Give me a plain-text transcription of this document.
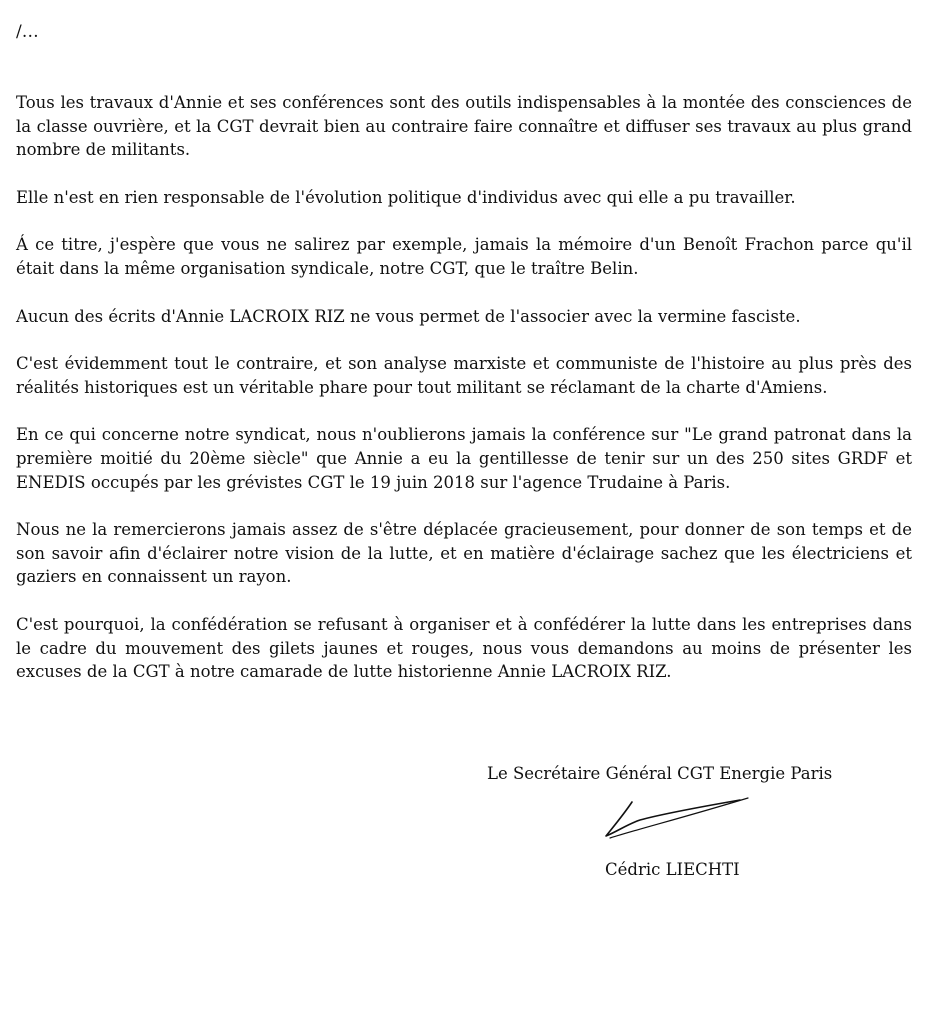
/…

Tous les travaux d'Annie et ses conférences sont des outils indispensables à la montée des consciences de la classe ouvrière, et la CGT devrait bien au contraire faire connaître et diffuser ses travaux au plus grand nombre de militants.

Elle n'est en rien responsable de l'évolution politique d'individus avec qui elle a pu travailler.

Á ce titre, j'espère que vous ne salirez par exemple, jamais la mémoire d'un Benoît Frachon parce qu'il était dans la même organisation syndicale, notre CGT, que le traître Belin.

Aucun des écrits d'Annie LACROIX RIZ ne vous permet de l'associer avec la vermine fasciste.

C'est évidemment tout le contraire, et son analyse marxiste et communiste de l'histoire au plus près des réalités historiques est un véritable phare pour tout militant se réclamant de la charte d'Amiens.

En ce qui concerne notre syndicat, nous n'oublierons jamais la conférence sur "Le grand patronat dans la première moitié du 20ème siècle" que Annie a eu la gentillesse de tenir sur un des 250 sites GRDF et ENEDIS occupés par les grévistes CGT le 19 juin 2018 sur l'agence Trudaine à Paris.

Nous ne la remercierons jamais assez de s'être déplacée gracieusement, pour donner de son temps et de son savoir afin d'éclairer notre vision de la lutte, et en matière d'éclairage sachez que les électriciens et gaziers en connaissent un rayon.

C'est pourquoi, la confédération se refusant à organiser et à confédérer la lutte dans les entreprises dans le cadre du mouvement des gilets jaunes et rouges, nous vous demandons au moins de présenter les excuses de la CGT à notre camarade de lutte historienne Annie LACROIX RIZ.

Le Secrétaire Général CGT Energie Paris

Cédric LIECHTI
